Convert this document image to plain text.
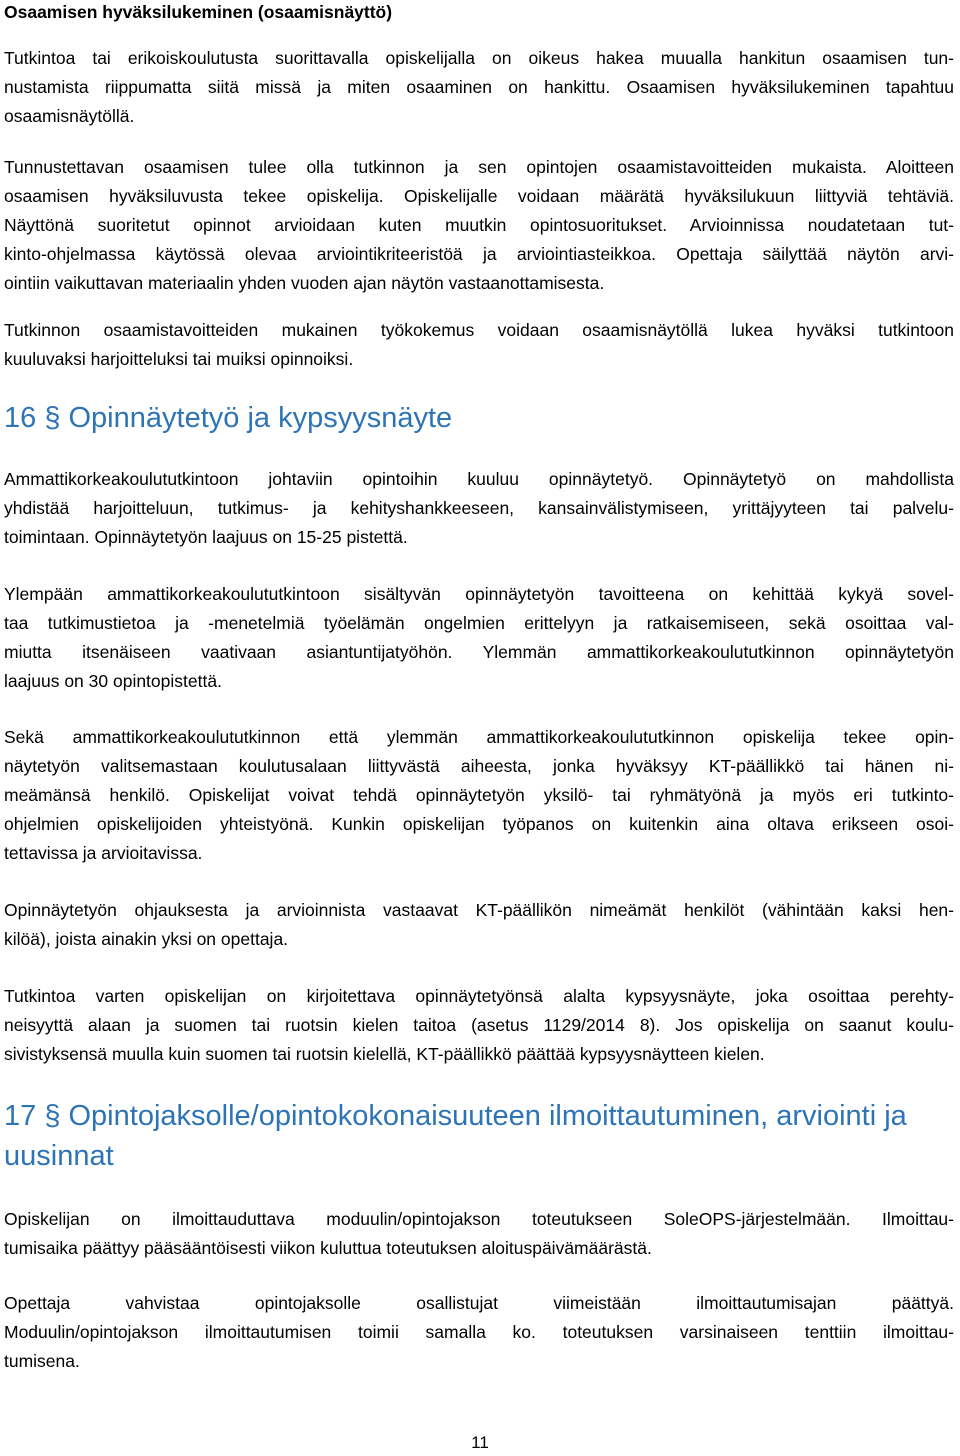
Osaamisen hyväksilukeminen (osaamisnäyttö)
Tutkintoa tai erikoiskoulutusta suorittavalla opiskelijalla on oikeus hakea muualla hankitun osaamisen tun-
nustamista riippumatta siitä missä ja miten osaaminen on hankittu. Osaamisen hyväksilukeminen tapahtuu
osaamisnäytöllä.
Tunnustettavan osaamisen tulee olla tutkinnon ja sen opintojen osaamistavoitteiden mukaista. Aloitteen
osaamisen hyväksiluvusta tekee opiskelija. Opiskelijalle voidaan määrätä hyväksilukuun liittyviä tehtäviä.
Näyttönä suoritetut opinnot arvioidaan kuten muutkin opintosuoritukset. Arvioinnissa noudatetaan tut-
kinto-ohjelmassa käytössä olevaa arviointikriteeristöä ja arviointiasteikkoa. Opettaja säilyttää näytön arvi-
ointiin vaikuttavan materiaalin yhden vuoden ajan näytön vastaanottamisesta.
Tutkinnon osaamistavoitteiden mukainen työkokemus voidaan osaamisnäytöllä lukea hyväksi tutkintoon
kuuluvaksi harjoitteluksi tai muiksi opinnoiksi.
16 § Opinnäytetyö ja kypsyysnäyte
Ammattikorkeakoulututkintoon johtaviin opintoihin kuuluu opinnäytetyö. Opinnäytetyö on mahdollista
yhdistää harjoitteluun, tutkimus- ja kehityshankkeeseen, kansainvälistymiseen, yrittäjyyteen tai palvelu-
toimintaan. Opinnäytetyön laajuus on 15-25 pistettä.
Ylempään ammattikorkeakoulututkintoon sisältyvän opinnäytetyön tavoitteena on kehittää kykyä sovel-
taa tutkimustietoa ja -menetelmiä työelämän ongelmien erittelyyn ja ratkaisemiseen, sekä osoittaa val-
miutta itsenäiseen vaativaan asiantuntijatyöhön. Ylemmän ammattikorkeakoulututkinnon opinnäytetyön
laajuus on 30 opintopistettä.
Sekä ammattikorkeakoulututkinnon että ylemmän ammattikorkeakoulututkinnon opiskelija tekee opin-
näytetyön valitsemastaan koulutusalaan liittyvästä aiheesta, jonka hyväksyy KT-päällikkö tai hänen ni-
meämänsä henkilö. Opiskelijat voivat tehdä opinnäytetyön yksilö- tai ryhmätyönä ja myös eri tutkinto-
ohjelmien opiskelijoiden yhteistyönä. Kunkin opiskelijan työpanos on kuitenkin aina oltava erikseen osoi-
tettavissa ja arvioitavissa.
Opinnäytetyön ohjauksesta ja arvioinnista vastaavat KT-päällikön nimeämät henkilöt (vähintään kaksi hen-
kilöä), joista ainakin yksi on opettaja.
Tutkintoa varten opiskelijan on kirjoitettava opinnäytetyönsä alalta kypsyysnäyte, joka osoittaa perehty-
neisyyttä alaan ja suomen tai ruotsin kielen taitoa (asetus 1129/2014 8). Jos opiskelija on saanut koulu-
sivistyksensä muulla kuin suomen tai ruotsin kielellä, KT-päällikkö päättää kypsyysnäytteen kielen.
17 § Opintojaksolle/opintokokonaisuuteen ilmoittautuminen, arviointi ja
uusinnat
Opiskelijan on ilmoittauduttava moduulin/opintojakson toteutukseen SoleOPS-järjestelmään. Ilmoittau-
tumisaika päättyy pääsääntöisesti viikon kuluttua toteutuksen aloituspäivämäärästä.
Opettaja vahvistaa opintojaksolle osallistujat viimeistään ilmoittautumisajan päättyä.
Moduulin/opintojakson ilmoittautumisen toimii samalla ko. toteutuksen varsinaiseen tenttiin ilmoittau-
tumisena.
11
